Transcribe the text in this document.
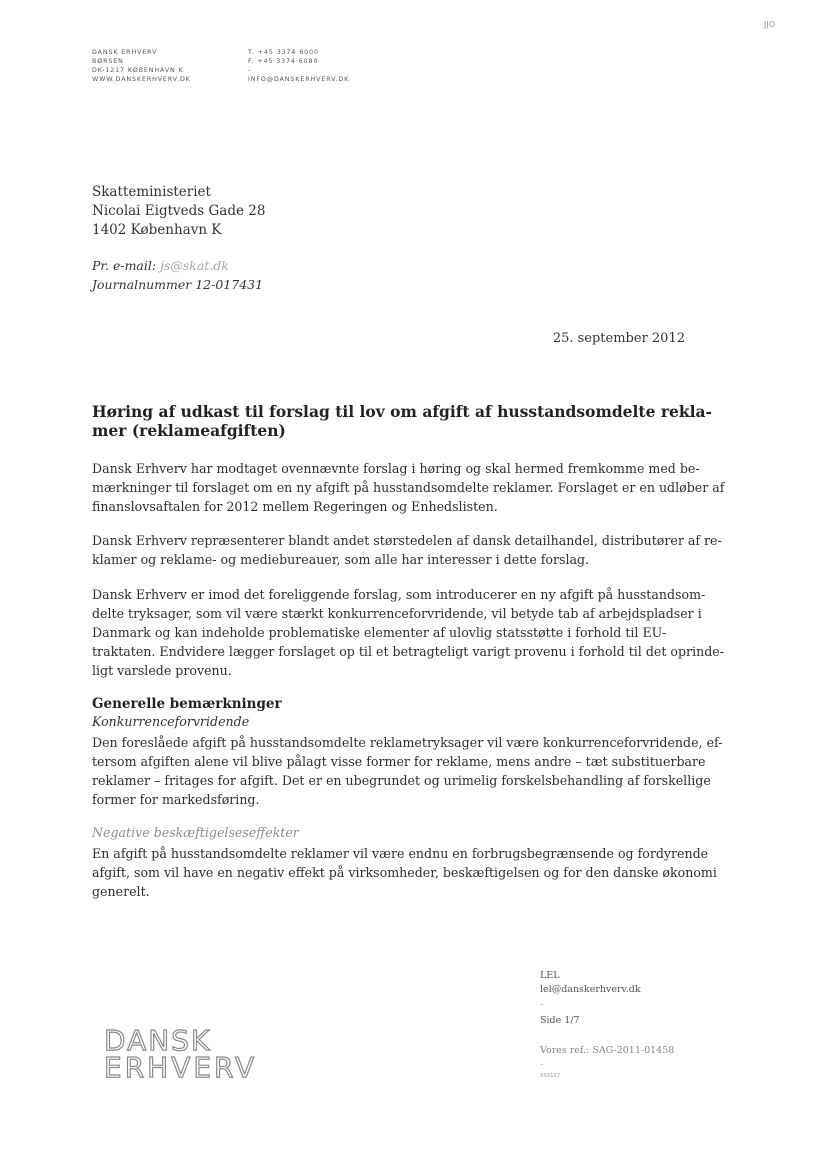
JJO
DANSK ERHVERV
BØRSEN
DK-1217 KØBENHAVN K
WWW.DANSKERHVERV.DK
T. +45 3374 6000
F. +45 3374 6080
–
INFO@DANSKERHVERV.DK
Skatteministeriet
Nicolai Eigtveds Gade 28
1402 København K
Pr. e-mail: js@skat.dk
Journalnummer 12-017431
25. september 2012
Høring af udkast til forslag til lov om afgift af husstandsomdelte rekla-
mer (reklameafgiften)
Dansk Erhverv har modtaget ovennævnte forslag i høring og skal hermed fremkomme med be-
mærkninger til forslaget om en ny afgift på husstandsomdelte reklamer. Forslaget er en udløber af
finanslovsaftalen for 2012 mellem Regeringen og Enhedslisten.
Dansk Erhverv repræsenterer blandt andet størstedelen af dansk detailhandel, distributører af re-
klamer og reklame- og mediebureauer, som alle har interesser i dette forslag.
Dansk Erhverv er imod det foreliggende forslag, som introducerer en ny afgift på husstandsom-
delte tryksager, som vil være stærkt konkurrenceforvridende, vil betyde tab af arbejdspladser i
Danmark og kan indeholde problematiske elementer af ulovlig statsstøtte i forhold til EU-
traktaten. Endvidere lægger forslaget op til et betragteligt varigt provenu i forhold til det oprinde-
ligt varslede provenu.
Generelle bemærkninger
Konkurrenceforvridende
Den foreslåede afgift på husstandsomdelte reklametryksager vil være konkurrenceforvridende, ef-
tersom afgiften alene vil blive pålagt visse former for reklame, mens andre – tæt substituerbare
reklamer – fritages for afgift. Det er en ubegrundet og urimelig forskelsbehandling af forskellige
former for markedsføring.
Negative beskæftigelseseffekter
En afgift på husstandsomdelte reklamer vil være endnu en forbrugsbegrænsende og fordyrende
afgift, som vil have en negativ effekt på virksomheder, beskæftigelsen og for den danske økonomi
generelt.
LEL
lel@danskerhverv.dk
–
Side 1/7
Vores ref.: SAG-2011-01458
–
XXX1X7
DANSK
ERHVERV
